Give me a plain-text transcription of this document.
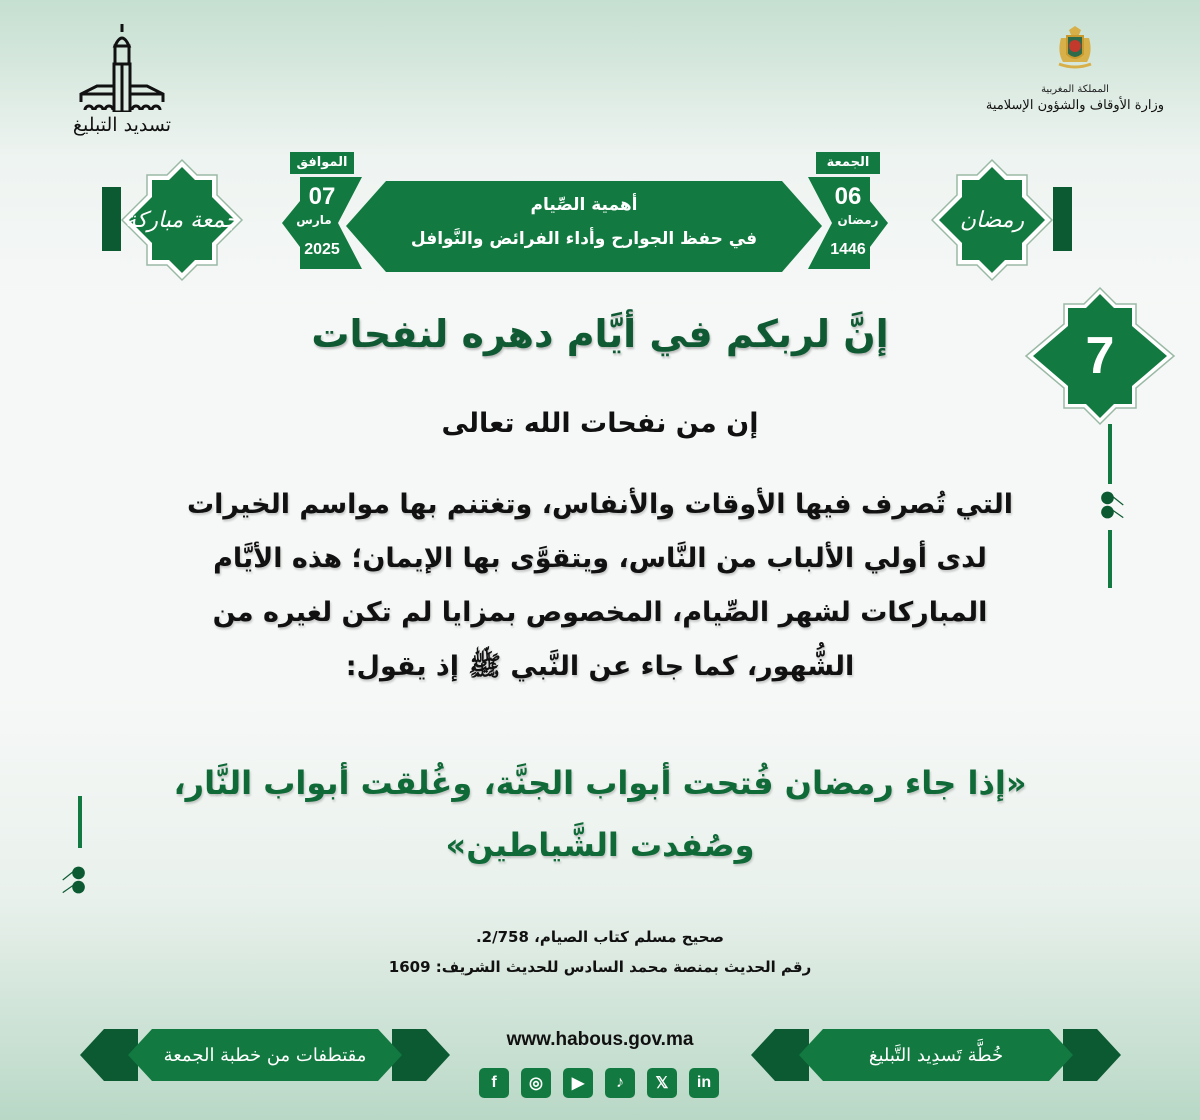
تسديد التبليغ
المملكة المغربية
وزارة الأوقاف والشؤون الإسلامية
جمعة مباركة	رمضان
الموافق
07
مارس
2025
الجمعة
06
رمضان
1446
أهمية الصِّيام
في حفظ الجوارح وأداء الفرائض والنَّوافل
7
إنَّ لربكم في أيَّام دهره لنفحات
إن من نفحات الله تعالى
التي تُصرف فيها الأوقات والأنفاس، وتغتنم بها مواسم الخيرات
لدى أولي الألباب من النَّاس، ويتقوَّى بها الإيمان؛ هذه الأيَّام
المباركات لشهر الصِّيام، المخصوص بمزايا لم تكن لغيره من
الشُّهور، كما جاء عن النَّبي ﷺ إذ يقول:
«إذا جاء رمضان فُتحت أبواب الجنَّة، وغُلقت أبواب النَّار،
وصُفدت الشَّياطين»
صحيح مسلم كتاب الصيام، 2/758.
رقم الحديث بمنصة محمد السادس للحديث الشريف: 1609
مقتطفات من خطبة الجمعة	خُطَّة تَسدِيد التَّبليغ
www.habous.gov.ma
f	◎	▶	♪	𝕏	in
